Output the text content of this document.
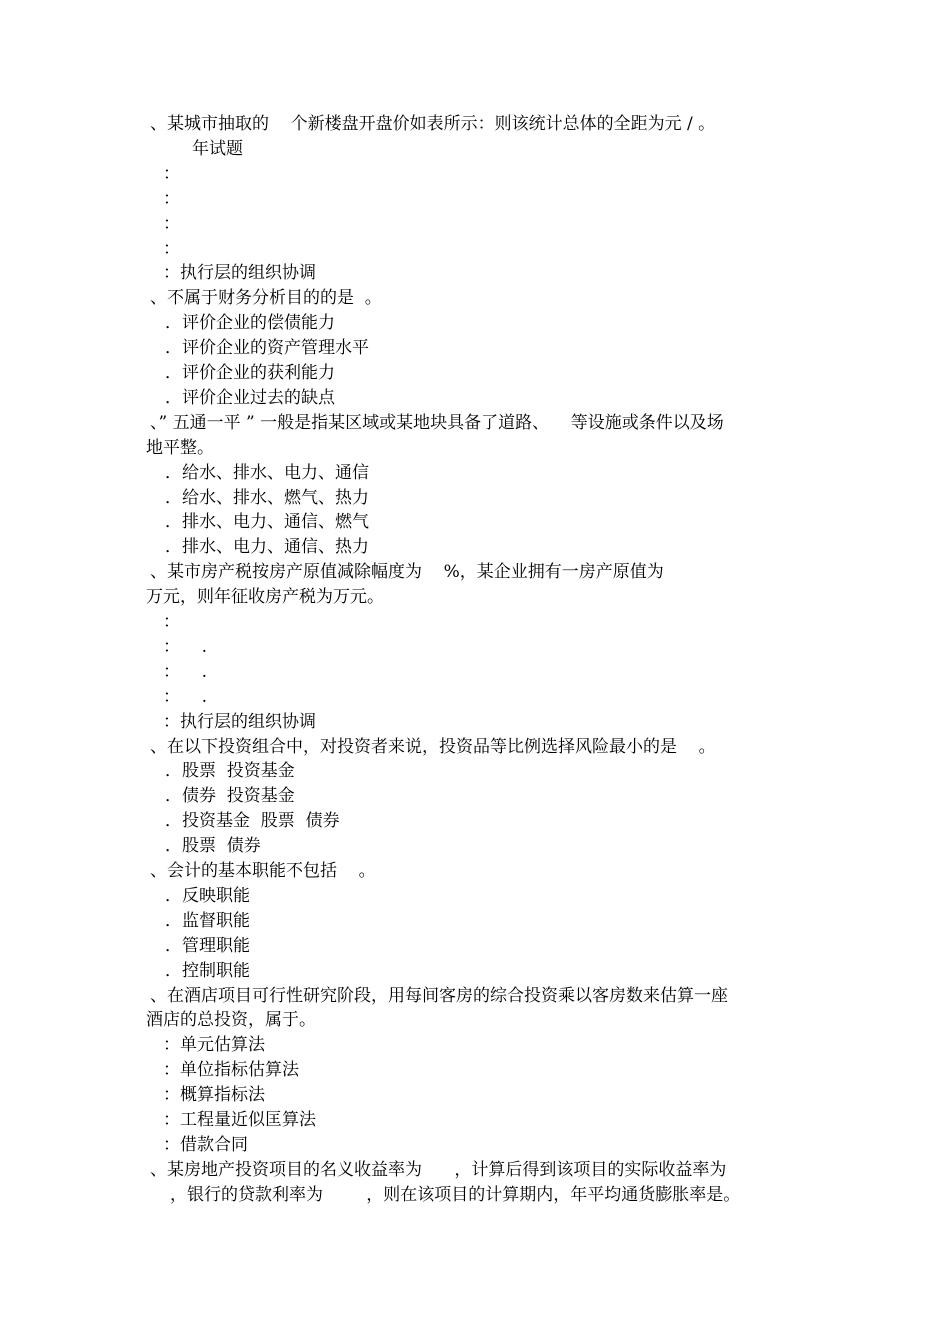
、某城市抽取的    个新楼盘开盘价如表所示：则该统计总体的全距为元 / 。
年试题
：
：
：
：
：执行层的组织协调
、不属于财务分析目的的是  。
．评价企业的偿债能力
．评价企业的资产管理水平
．评价企业的获利能力
．评价企业过去的缺点
、” 五通一平 ” 一般是指某区域或某地块具备了道路、    等设施或条件以及场
地平整。
．给水、排水、电力、通信
．给水、排水、燃气、热力
．排水、电力、通信、燃气
．排水、电力、通信、热力
、某市房产税按房产原值减除幅度为    %，某企业拥有一房产原值为
万元，则年征收房产税为万元。
：
：    .
：    .
：    .
：执行层的组织协调
、在以下投资组合中，对投资者来说，投资品等比例选择风险最小的是    。
．股票  投资基金
．债券  投资基金
．投资基金  股票  债券
．股票  债券
、会计的基本职能不包括    。
．反映职能
．监督职能
．管理职能
．控制职能
、在酒店项目可行性研究阶段，用每间客房的综合投资乘以客房数来估算一座
酒店的总投资，属于。
：单元估算法
：单位指标估算法
：概算指标法
：工程量近似匡算法
：借款合同
、某房地产投资项目的名义收益率为      ，计算后得到该项目的实际收益率为
，银行的贷款利率为        ，则在该项目的计算期内，年平均通货膨胀率是。
